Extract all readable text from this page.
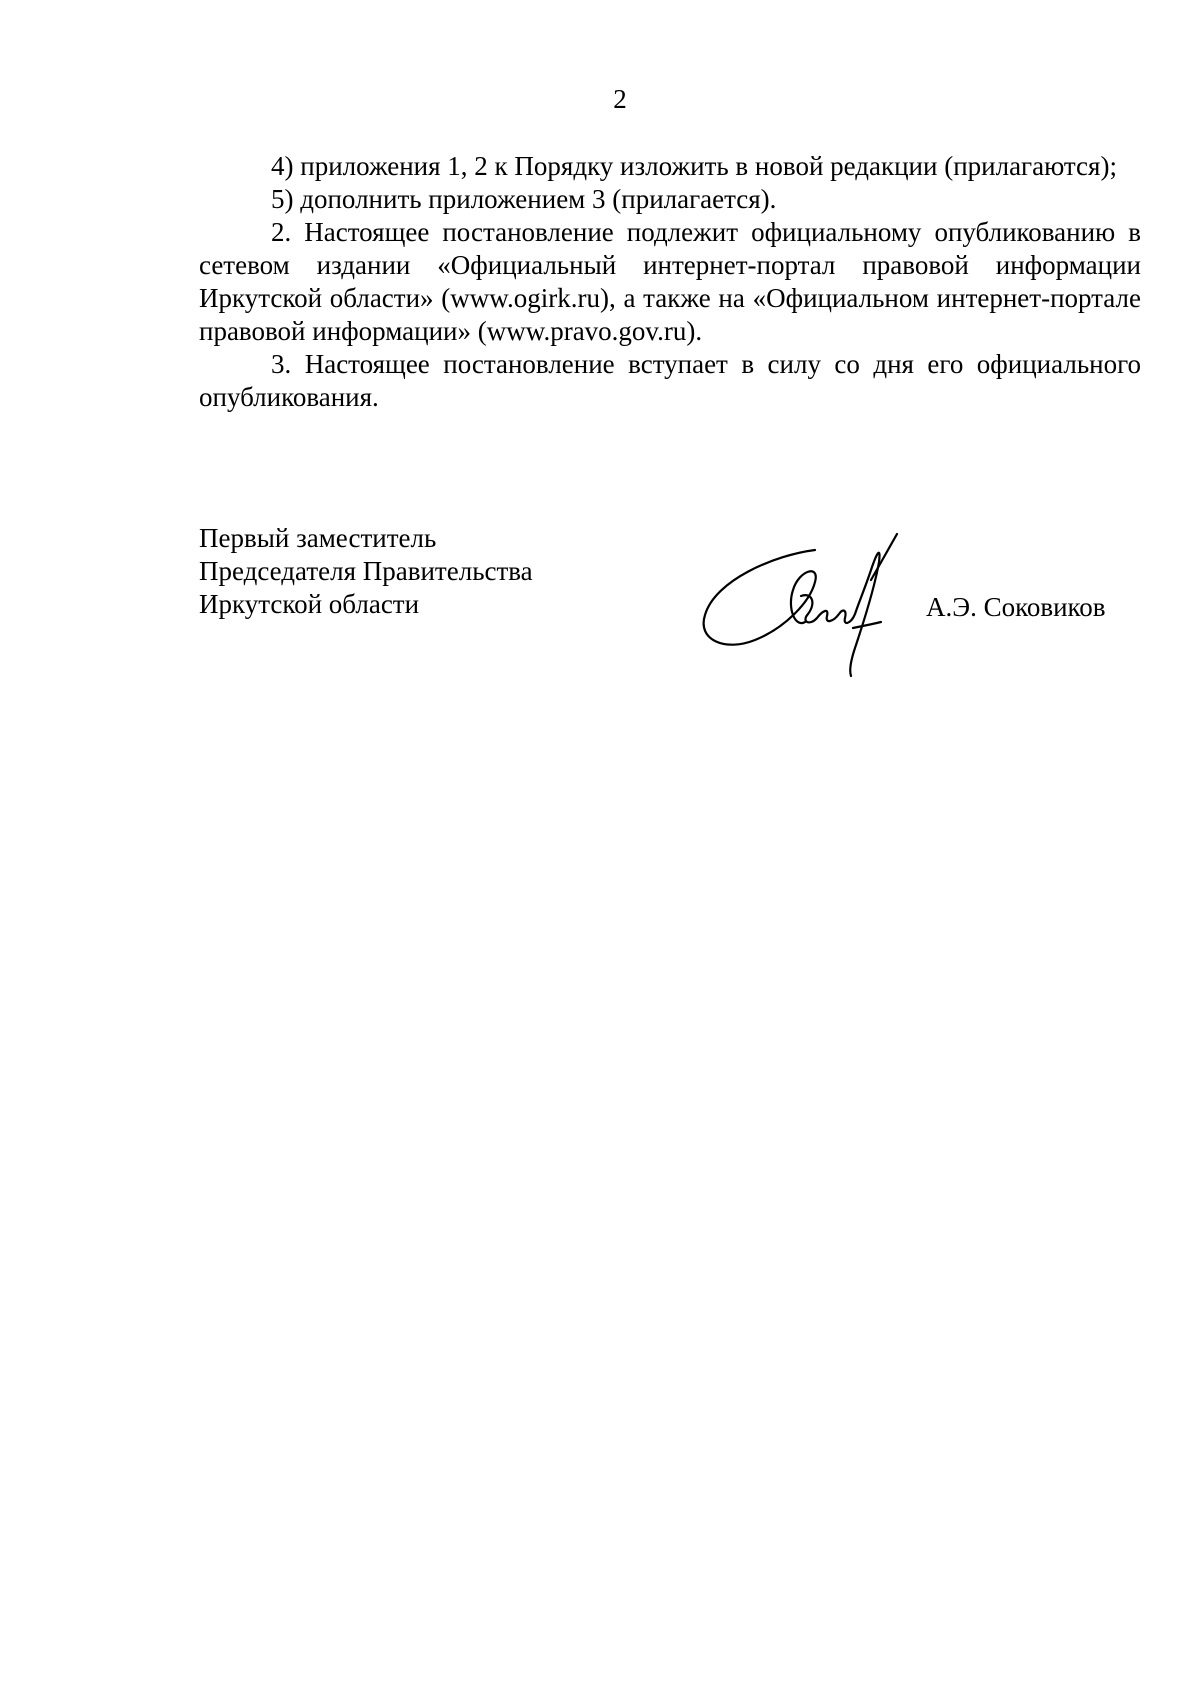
2

4) приложения 1, 2 к Порядку изложить в новой редакции (прилагаются);

5) дополнить приложением 3 (прилагается).

2. Настоящее постановление подлежит официальному опубликованию в сетевом издании «Официальный интернет-портал правовой информации Иркутской области» (www.ogirk.ru), а также на «Официальном интернет-портале правовой информации» (www.pravo.gov.ru).

3. Настоящее постановление вступает в силу со дня его официального опубликования.

Первый заместитель
Председателя Правительства
Иркутской области	А.Э. Соковиков
